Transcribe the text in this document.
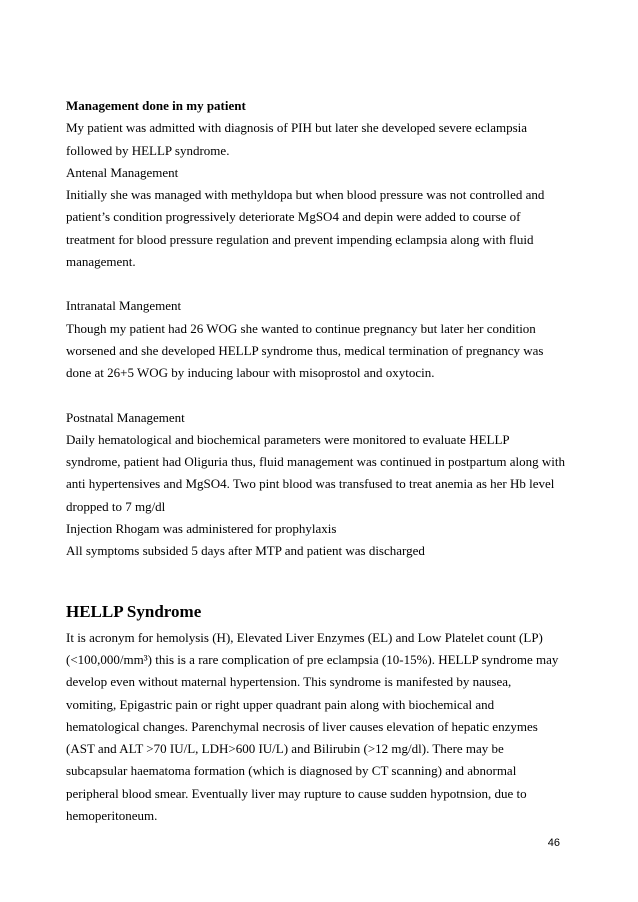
Management done in my patient
My patient was admitted with diagnosis of PIH but later she developed severe eclampsia
followed by HELLP syndrome.
Antenal Management
Initially she was managed with methyldopa but when blood pressure was not controlled and
patient’s condition progressively deteriorate MgSO4 and depin were added to course of
treatment for blood pressure regulation and prevent impending eclampsia along with fluid
management.
Intranatal Mangement
Though my patient had 26 WOG she wanted to continue pregnancy but later her condition
worsened and she developed HELLP syndrome thus, medical termination of pregnancy was
done at 26+5 WOG by inducing labour with misoprostol and oxytocin.
Postnatal Management
Daily hematological and biochemical parameters were monitored to evaluate HELLP
syndrome, patient had Oliguria thus, fluid management was continued in postpartum along with
anti hypertensives and MgSO4. Two pint blood was transfused to treat anemia as her Hb level
dropped to 7 mg/dl
Injection Rhogam was administered for prophylaxis
All symptoms subsided 5 days after MTP and patient was discharged
HELLP Syndrome
It is acronym for hemolysis (H), Elevated Liver Enzymes (EL) and Low Platelet count (LP)
(<100,000/mm³) this is a rare complication of pre eclampsia (10-15%). HELLP syndrome may
develop even without maternal hypertension. This syndrome is manifested by nausea,
vomiting, Epigastric pain or right upper quadrant pain along with biochemical and
hematological changes. Parenchymal necrosis of liver causes elevation of hepatic enzymes
(AST and ALT >70 IU/L, LDH>600 IU/L) and Bilirubin (>12 mg/dl). There may be
subcapsular haematoma formation (which is diagnosed by CT scanning) and abnormal
peripheral blood smear. Eventually liver may rupture to cause sudden hypotnsion, due to
hemoperitoneum.
46
